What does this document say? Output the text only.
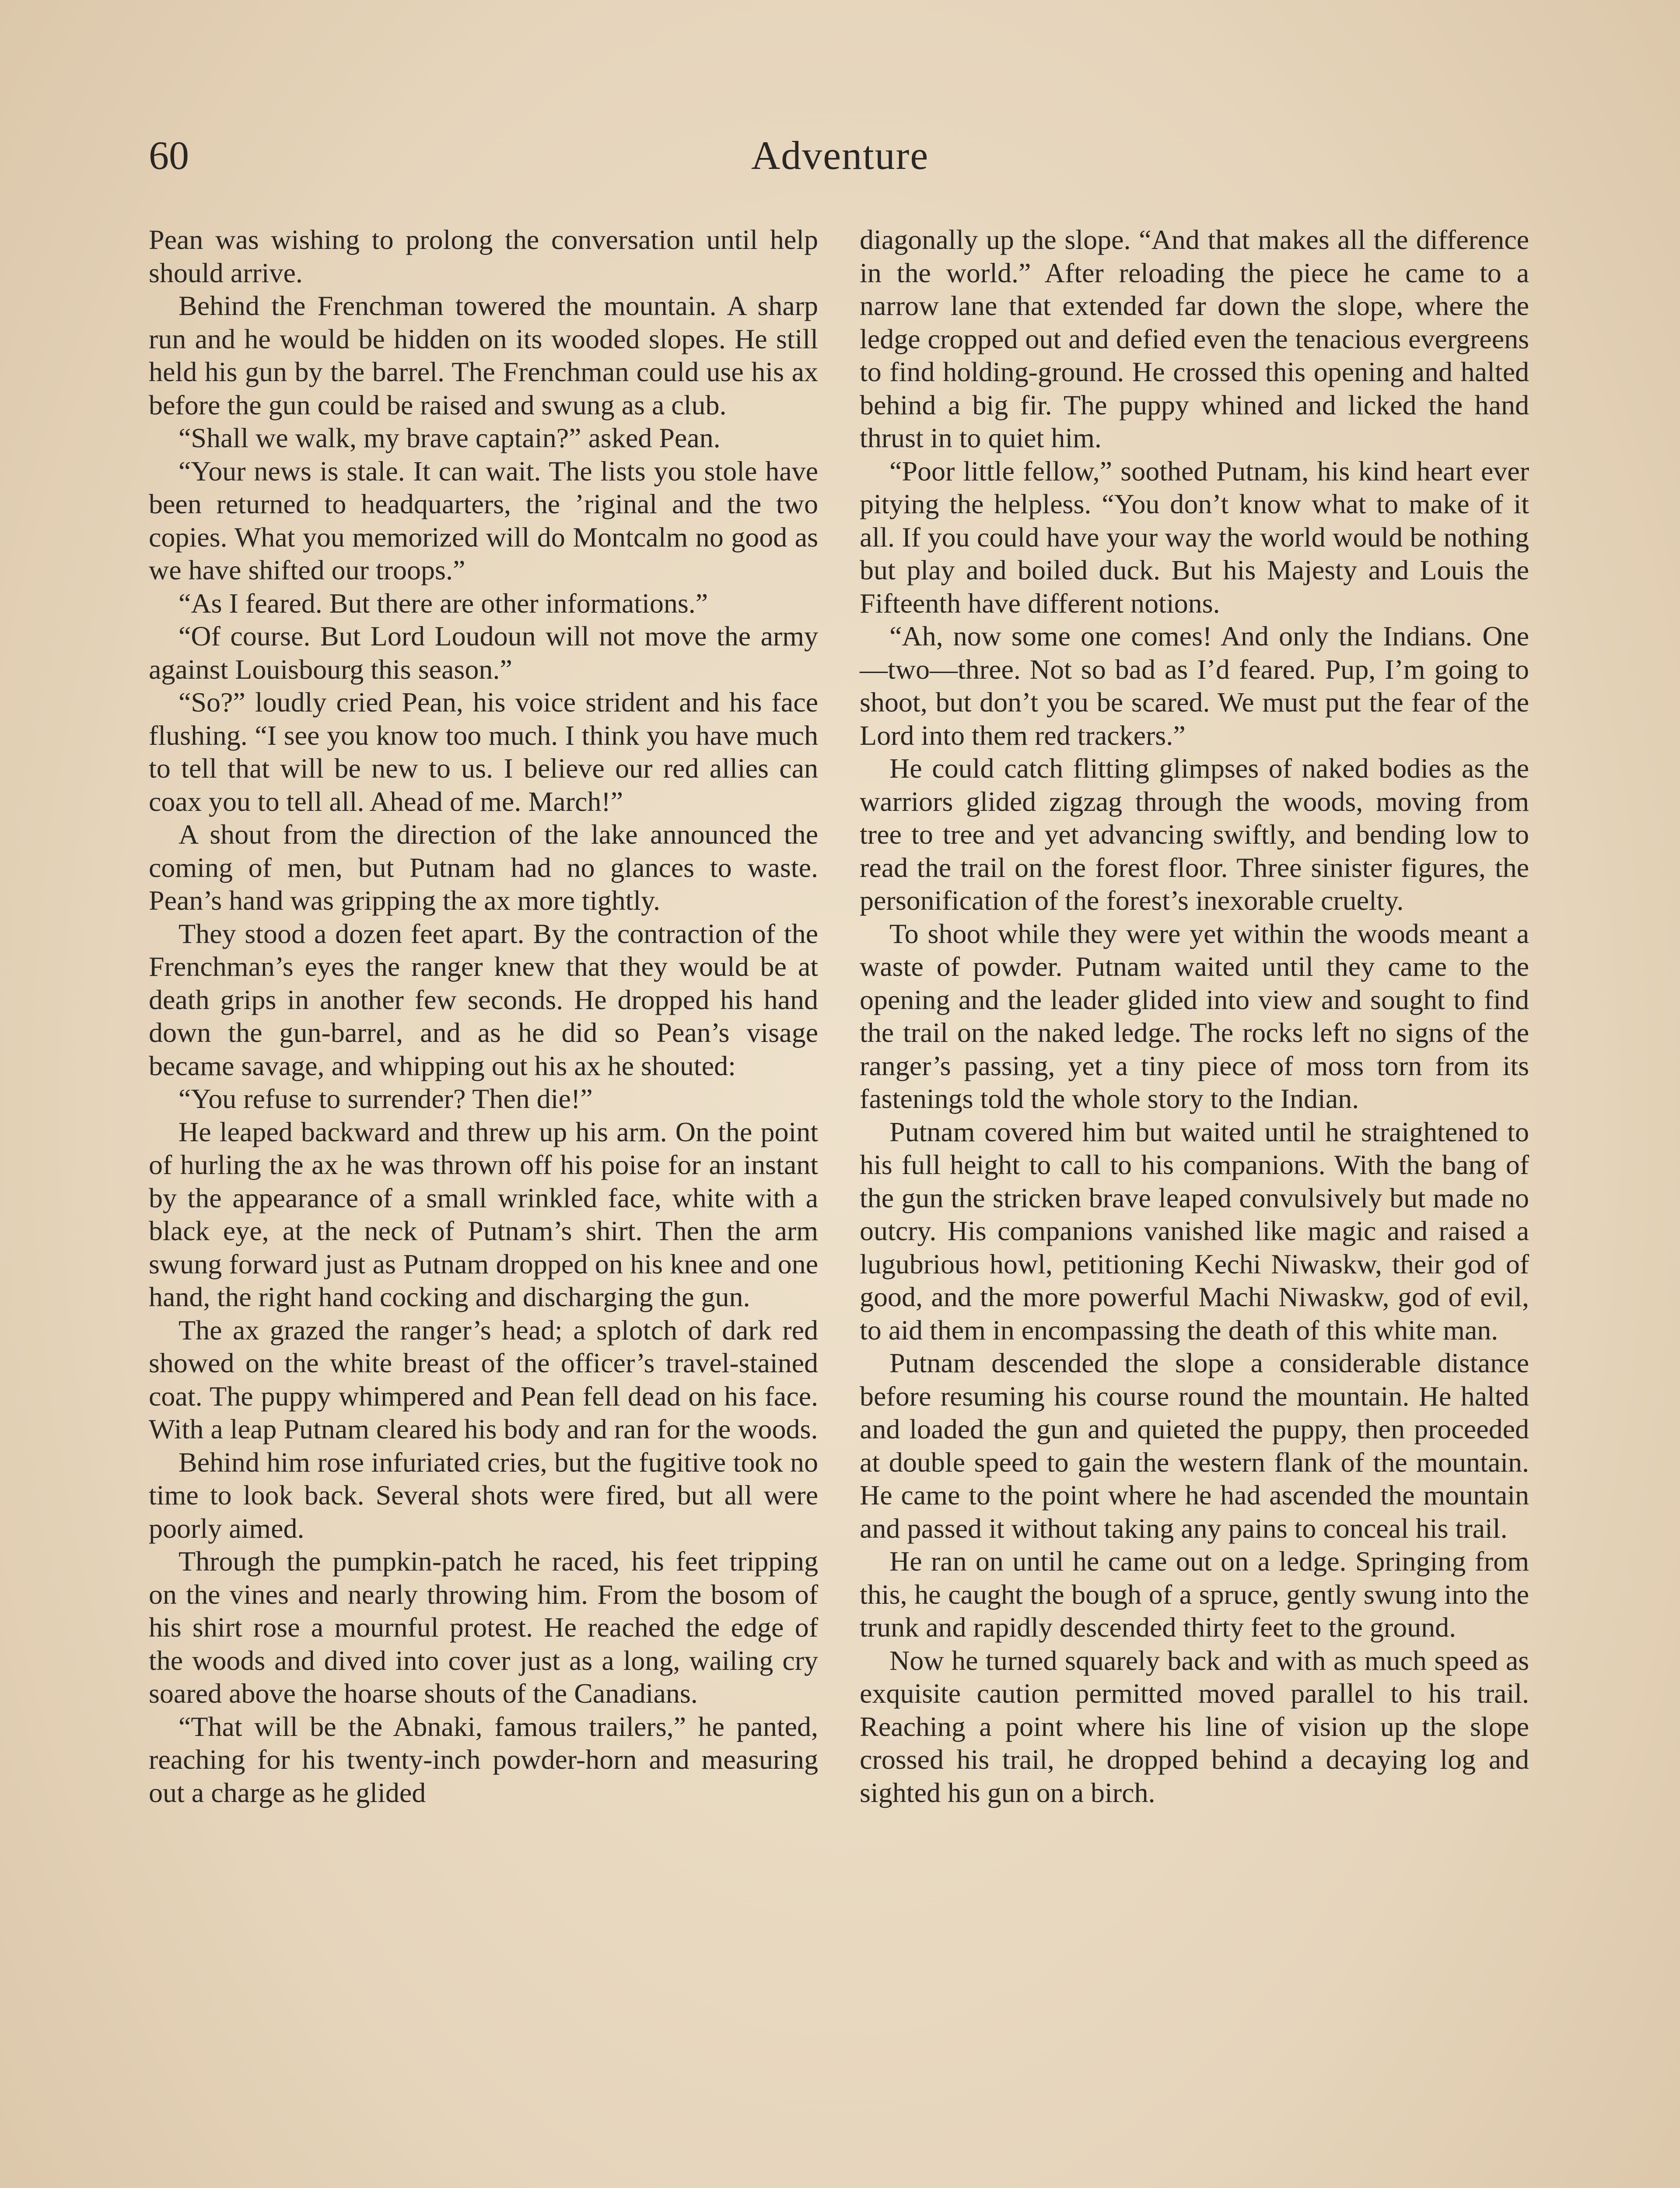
60	Adventure

Pean was wishing to prolong the conversation until help should arrive.

Behind the Frenchman towered the mountain. A sharp run and he would be hidden on its wooded slopes. He still held his gun by the barrel. The Frenchman could use his ax before the gun could be raised and swung as a club.

“Shall we walk, my brave captain?” asked Pean.

“Your news is stale. It can wait. The lists you stole have been returned to headquarters, the ’riginal and the two copies. What you memorized will do Montcalm no good as we have shifted our troops.”

“As I feared. But there are other informations.”

“Of course. But Lord Loudoun will not move the army against Louisbourg this season.”

“So?” loudly cried Pean, his voice strident and his face flushing. “I see you know too much. I think you have much to tell that will be new to us. I believe our red allies can coax you to tell all. Ahead of me. March!”

A shout from the direction of the lake announced the coming of men, but Putnam had no glances to waste. Pean’s hand was gripping the ax more tightly.

They stood a dozen feet apart. By the contraction of the Frenchman’s eyes the ranger knew that they would be at death grips in another few seconds. He dropped his hand down the gun-barrel, and as he did so Pean’s visage became savage, and whipping out his ax he shouted:

“You refuse to surrender? Then die!”

He leaped backward and threw up his arm. On the point of hurling the ax he was thrown off his poise for an instant by the appearance of a small wrinkled face, white with a black eye, at the neck of Putnam’s shirt. Then the arm swung forward just as Putnam dropped on his knee and one hand, the right hand cocking and discharging the gun.

The ax grazed the ranger’s head; a splotch of dark red showed on the white breast of the officer’s travel-stained coat. The puppy whimpered and Pean fell dead on his face. With a leap Putnam cleared his body and ran for the woods.

Behind him rose infuriated cries, but the fugitive took no time to look back. Several shots were fired, but all were poorly aimed.

Through the pumpkin-patch he raced, his feet tripping on the vines and nearly throwing him. From the bosom of his shirt rose a mournful protest. He reached the edge of the woods and dived into cover just as a long, wailing cry soared above the hoarse shouts of the Canadians.

“That will be the Abnaki, famous trailers,” he panted, reaching for his twenty-inch powder-horn and measuring out a charge as he glided

diagonally up the slope. “And that makes all the difference in the world.” After reloading the piece he came to a narrow lane that extended far down the slope, where the ledge cropped out and defied even the tenacious evergreens to find holding-ground. He crossed this opening and halted behind a big fir. The puppy whined and licked the hand thrust in to quiet him.

“Poor little fellow,” soothed Putnam, his kind heart ever pitying the helpless. “You don’t know what to make of it all. If you could have your way the world would be nothing but play and boiled duck. But his Majesty and Louis the Fifteenth have different notions.

“Ah, now some one comes! And only the Indians. One—two—three. Not so bad as I’d feared. Pup, I’m going to shoot, but don’t you be scared. We must put the fear of the Lord into them red trackers.”

He could catch flitting glimpses of naked bodies as the warriors glided zigzag through the woods, moving from tree to tree and yet advancing swiftly, and bending low to read the trail on the forest floor. Three sinister figures, the personification of the forest’s inexorable cruelty.

To shoot while they were yet within the woods meant a waste of powder. Putnam waited until they came to the opening and the leader glided into view and sought to find the trail on the naked ledge. The rocks left no signs of the ranger’s passing, yet a tiny piece of moss torn from its fastenings told the whole story to the Indian.

Putnam covered him but waited until he straightened to his full height to call to his companions. With the bang of the gun the stricken brave leaped convulsively but made no outcry. His companions vanished like magic and raised a lugubrious howl, petitioning Kechi Niwaskw, their god of good, and the more powerful Machi Niwaskw, god of evil, to aid them in encompassing the death of this white man.

Putnam descended the slope a considerable distance before resuming his course round the mountain. He halted and loaded the gun and quieted the puppy, then proceeded at double speed to gain the western flank of the mountain. He came to the point where he had ascended the mountain and passed it without taking any pains to conceal his trail.

He ran on until he came out on a ledge. Springing from this, he caught the bough of a spruce, gently swung into the trunk and rapidly descended thirty feet to the ground.

Now he turned squarely back and with as much speed as exquisite caution permitted moved parallel to his trail. Reaching a point where his line of vision up the slope crossed his trail, he dropped behind a decaying log and sighted his gun on a birch.
